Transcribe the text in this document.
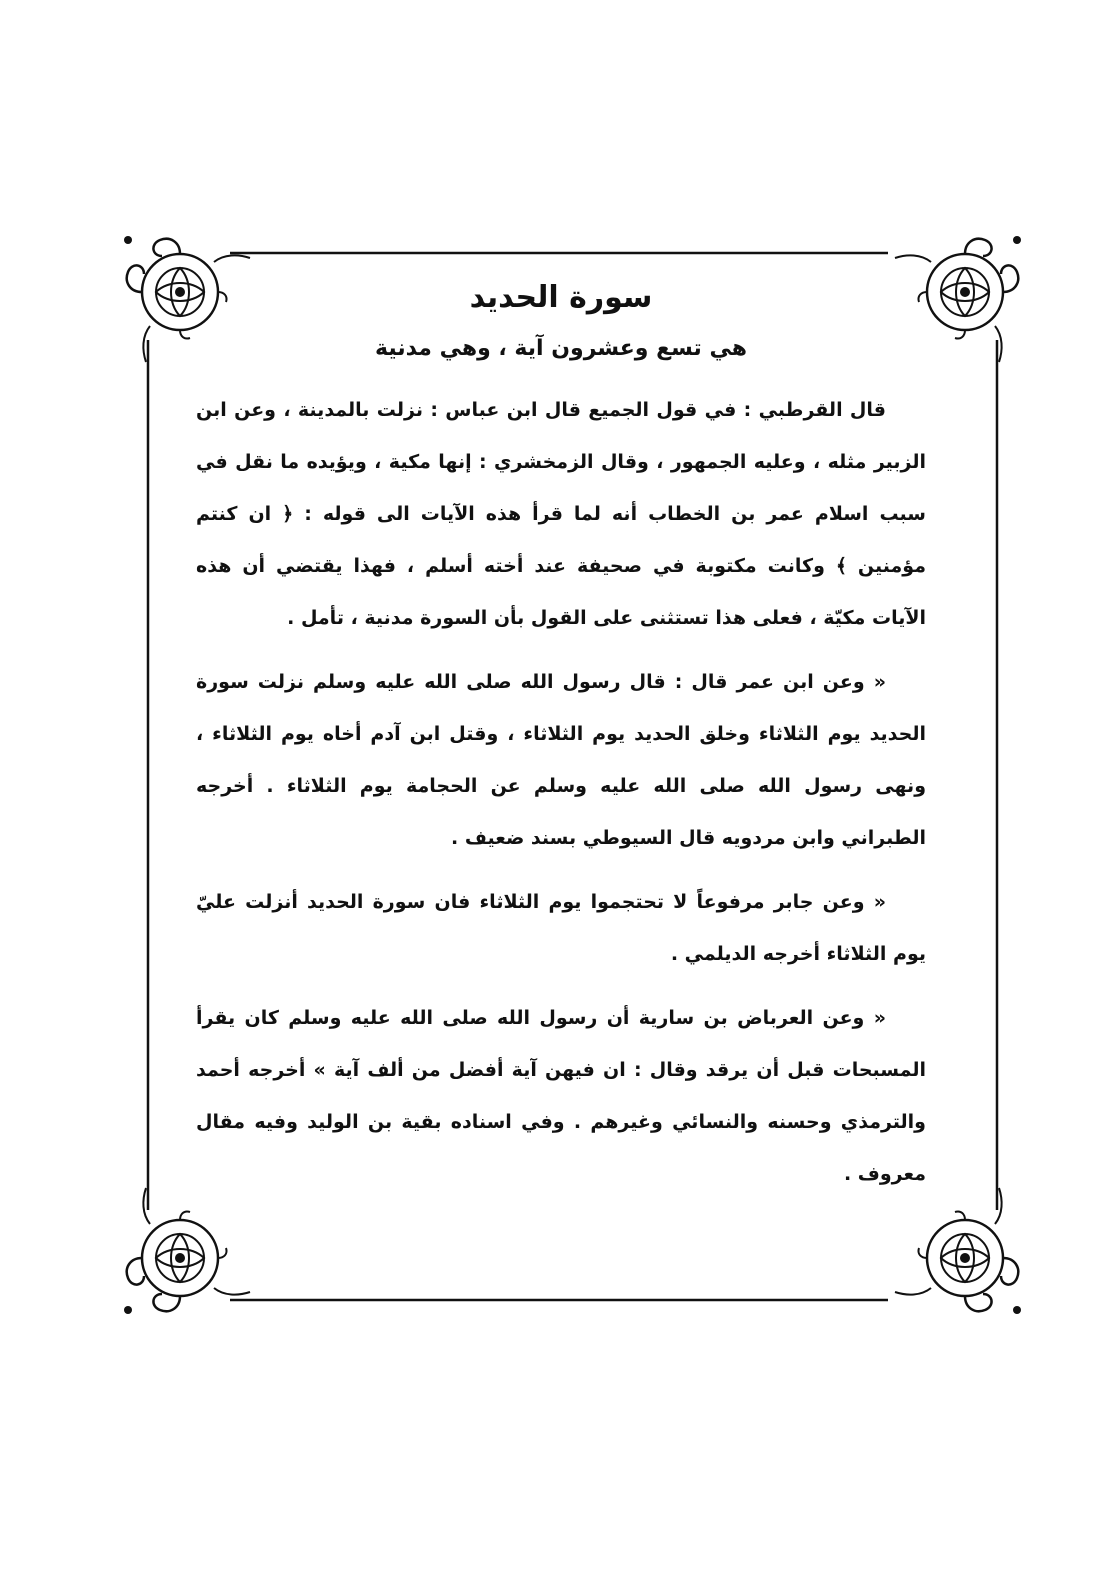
سورة الحديد
هي تسع وعشرون آية ، وهي مدنية

قال القرطبي : في قول الجميع قال ابن عباس : نزلت بالمدينة ، وعن ابن الزبير مثله ، وعليه الجمهور ، وقال الزمخشري : إنها مكية ، ويؤيده ما نقل في سبب اسلام عمر بن الخطاب أنه لما قرأ هذه الآيات الى قوله : ﴿ ان كنتم مؤمنين ﴾ وكانت مكتوبة في صحيفة عند أخته أسلم ، فهذا يقتضي أن هذه الآيات مكيّة ، فعلى هذا تستثنى على القول بأن السورة مدنية ، تأمل .

« وعن ابن عمر قال : قال رسول الله صلى الله عليه وسلم نزلت سورة الحديد يوم الثلاثاء وخلق الحديد يوم الثلاثاء ، وقتل ابن آدم أخاه يوم الثلاثاء ، ونهى رسول الله صلى الله عليه وسلم عن الحجامة يوم الثلاثاء . أخرجه الطبراني وابن مردويه قال السيوطي بسند ضعيف .

« وعن جابر مرفوعاً لا تحتجموا يوم الثلاثاء فان سورة الحديد أنزلت عليّ يوم الثلاثاء أخرجه الديلمي .

« وعن العرباض بن سارية أن رسول الله صلى الله عليه وسلم كان يقرأ المسبحات قبل أن يرقد وقال : ان فيهن آية أفضل من ألف آية » أخرجه أحمد والترمذي وحسنه والنسائي وغيرهم . وفي اسناده بقية بن الوليد وفيه مقال معروف .
